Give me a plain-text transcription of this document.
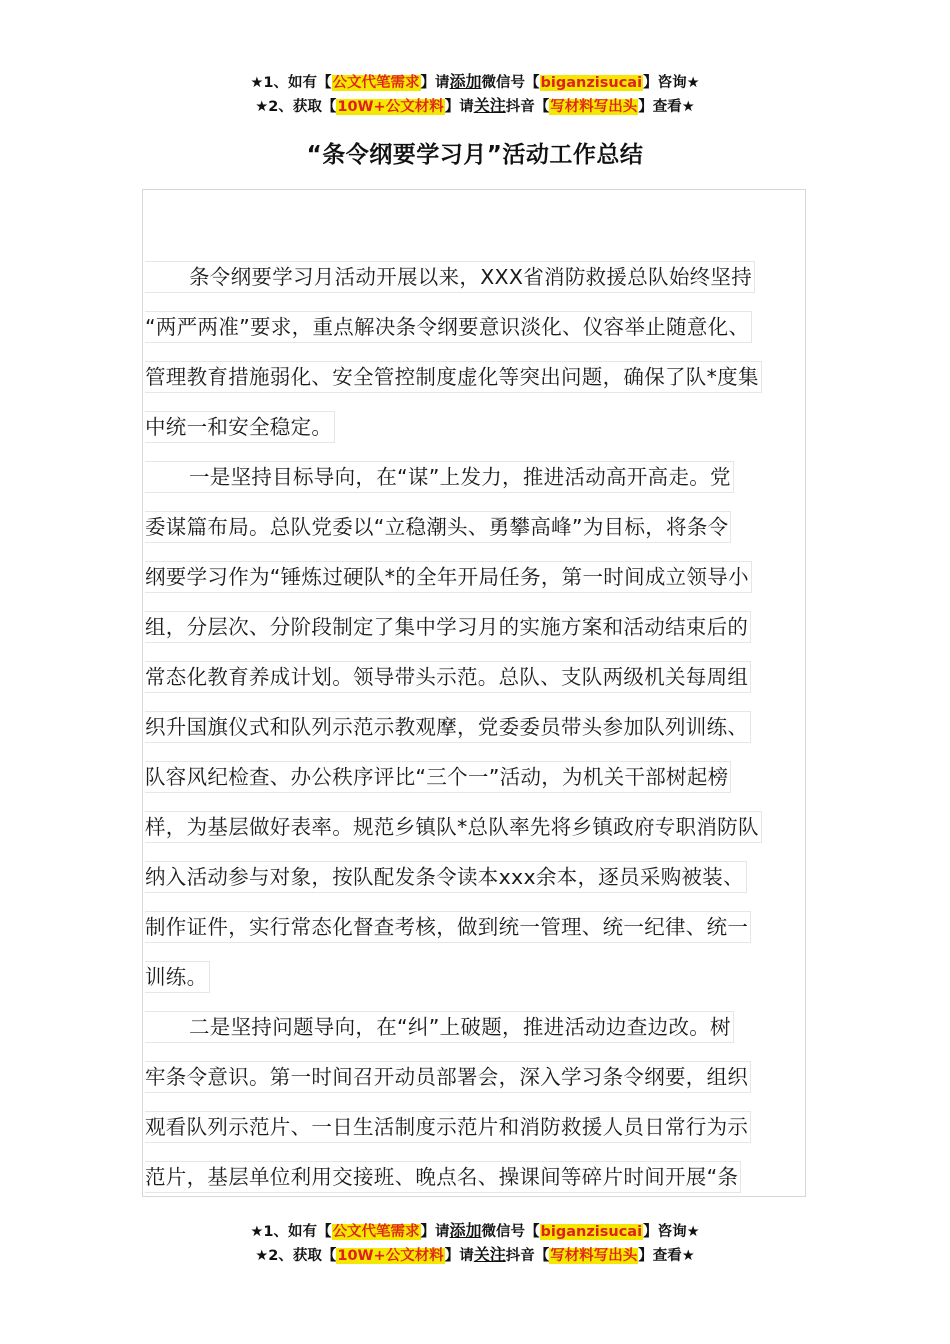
★1、如有【公文代笔需求】请添加微信号【biganzisucai】咨询★
★2、获取【10W+公文材料】请关注抖音【写材料写出头】查看★
“条令纲要学习月”活动工作总结
条令纲要学习月活动开展以来，XXX省消防救援总队始终坚持
“两严两准”要求，重点解决条令纲要意识淡化、仪容举止随意化、
管理教育措施弱化、安全管控制度虚化等突出问题，确保了队*度集
中统一和安全稳定。
一是坚持目标导向，在“谋”上发力，推进活动高开高走。党
委谋篇布局。总队党委以“立稳潮头、勇攀高峰”为目标，将条令
纲要学习作为“锤炼过硬队*的全年开局任务，第一时间成立领导小
组，分层次、分阶段制定了集中学习月的实施方案和活动结束后的
常态化教育养成计划。领导带头示范。总队、支队两级机关每周组
织升国旗仪式和队列示范示教观摩，党委委员带头参加队列训练、
队容风纪检查、办公秩序评比“三个一”活动，为机关干部树起榜
样，为基层做好表率。规范乡镇队*总队率先将乡镇政府专职消防队
纳入活动参与对象，按队配发条令读本xxx余本，逐员采购被装、
制作证件，实行常态化督查考核，做到统一管理、统一纪律、统一
训练。
二是坚持问题导向，在“纠”上破题，推进活动边查边改。树
牢条令意识。第一时间召开动员部署会，深入学习条令纲要，组织
观看队列示范片、一日生活制度示范片和消防救援人员日常行为示
范片，基层单位利用交接班、晚点名、操课间等碎片时间开展“条
★1、如有【公文代笔需求】请添加微信号【biganzisucai】咨询★
★2、获取【10W+公文材料】请关注抖音【写材料写出头】查看★
